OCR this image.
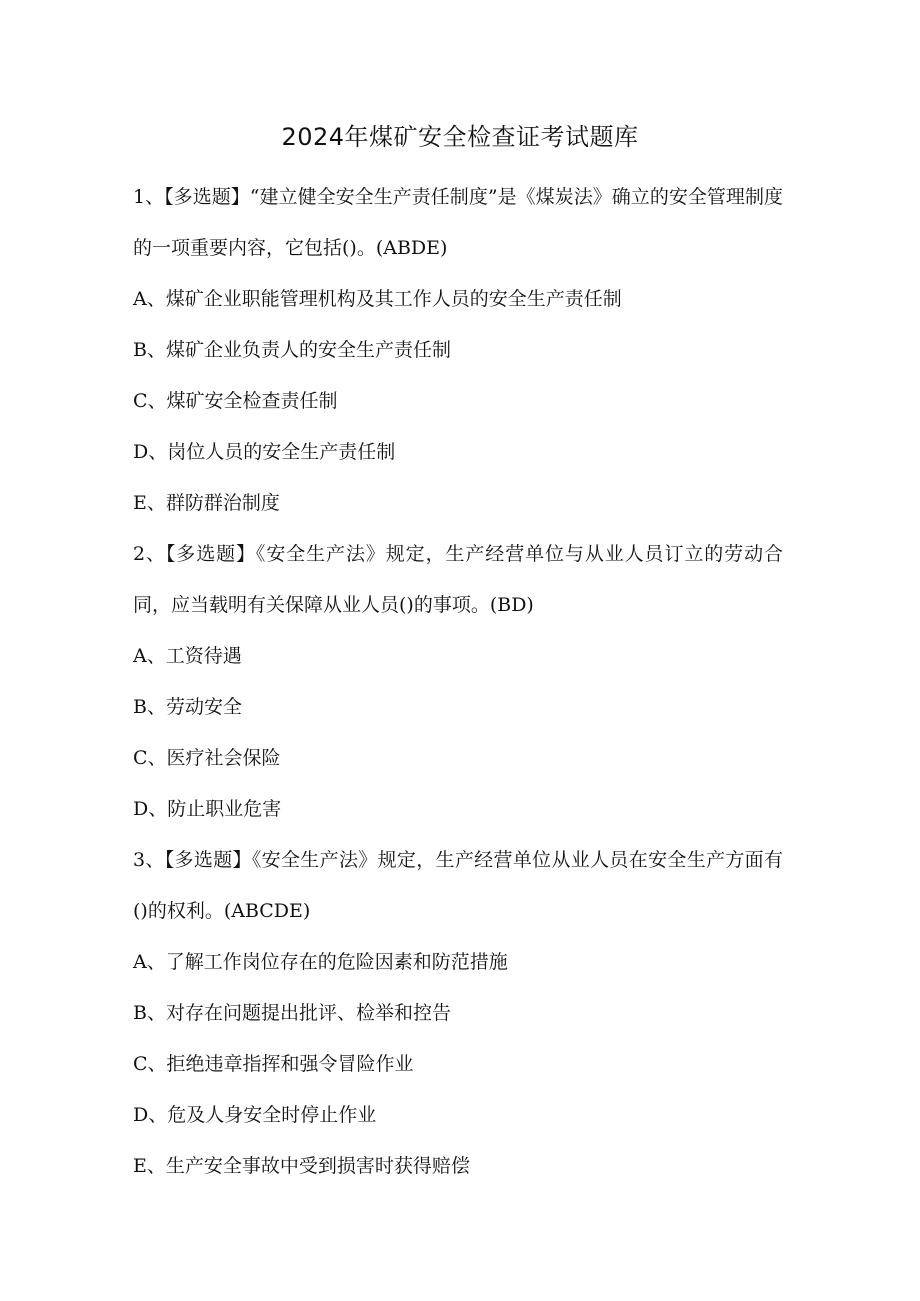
2024年煤矿安全检查证考试题库

1、【多选题】“建立健全安全生产责任制度”是《煤炭法》确立的安全管理制度的一项重要内容，它包括()。(ABDE)

A、煤矿企业职能管理机构及其工作人员的安全生产责任制

B、煤矿企业负责人的安全生产责任制

C、煤矿安全检查责任制

D、岗位人员的安全生产责任制

E、群防群治制度

2、【多选题】《安全生产法》规定，生产经营单位与从业人员订立的劳动合同，应当载明有关保障从业人员()的事项。(BD)

A、工资待遇

B、劳动安全

C、医疗社会保险

D、防止职业危害

3、【多选题】《安全生产法》规定，生产经营单位从业人员在安全生产方面有()的权利。(ABCDE)

A、了解工作岗位存在的危险因素和防范措施

B、对存在问题提出批评、检举和控告

C、拒绝违章指挥和强令冒险作业

D、危及人身安全时停止作业

E、生产安全事故中受到损害时获得赔偿
